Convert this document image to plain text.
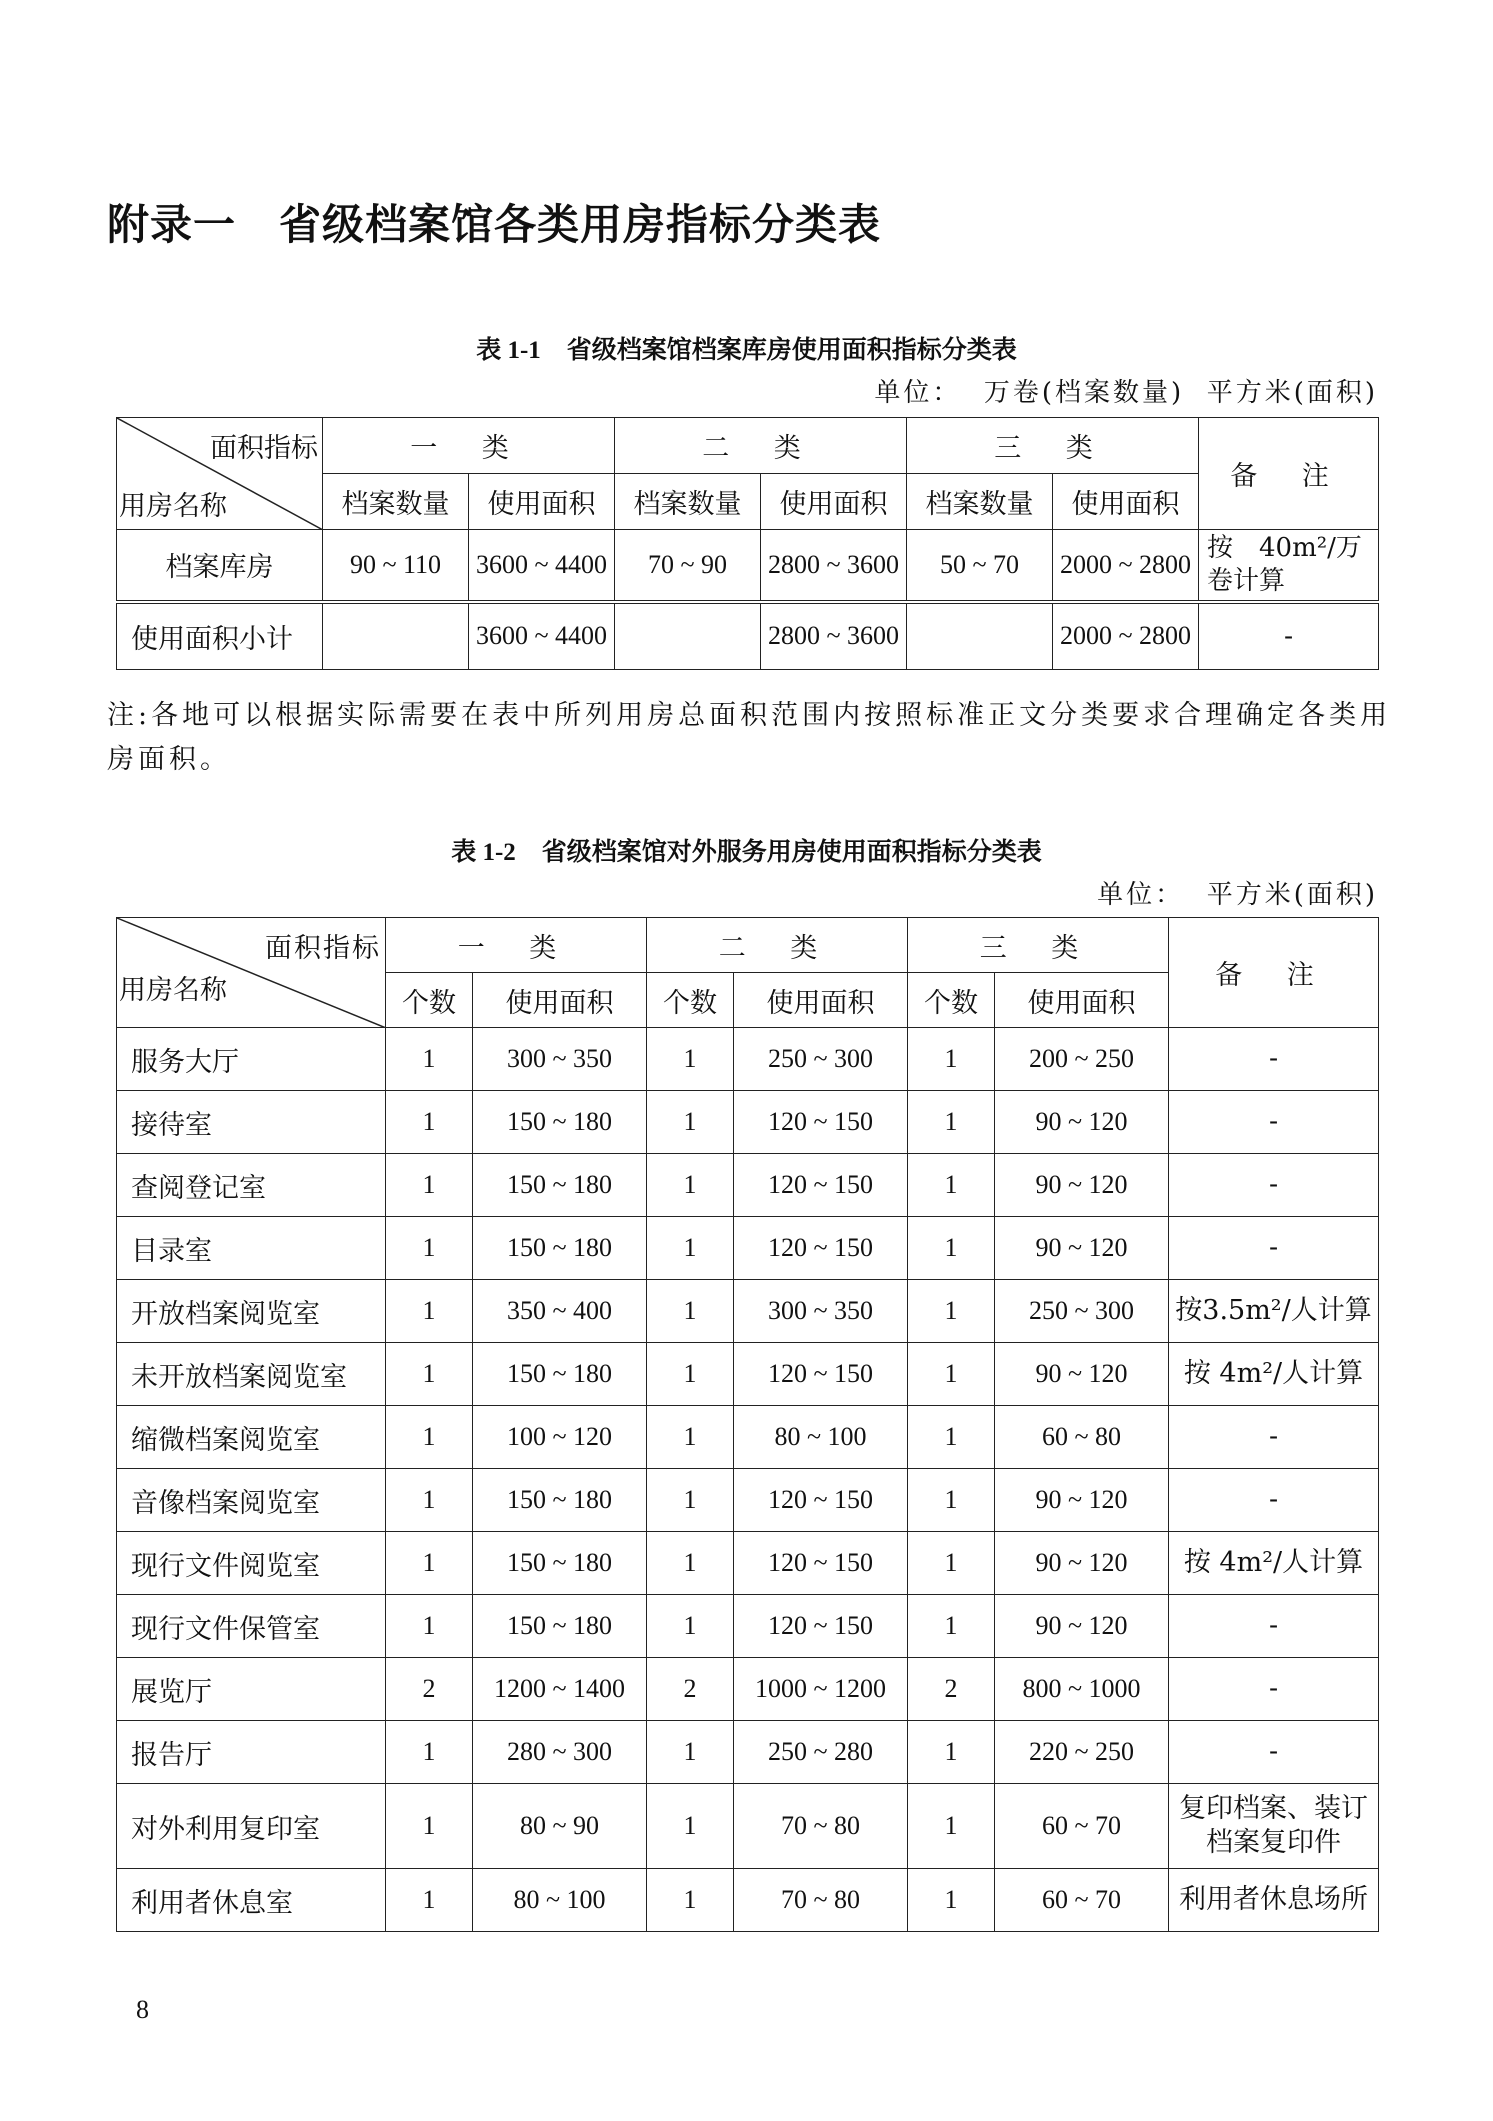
附录一　省级档案馆各类用房指标分类表
表 1-1 省级档案馆档案库房使用面积指标分类表
单位：  万卷(档案数量)  平方米(面积)
面积指标
用房名称	一 类		二 类		三 类		备 注
	档案数量	使用面积	档案数量	使用面积	档案数量	使用面积	
档案库房	90 ~ 110	3600 ~ 4400	70 ~ 90	2800 ~ 3600	50 ~ 70	2000 ~ 2800	按　40m²/万卷计算
使用面积小计		3600 ~ 4400		2800 ~ 3600		2000 ~ 2800	-
注:各地可以根据实际需要在表中所列用房总面积范围内按照标准正文分类要求合理确定各类用房面积。
表 1-2 省级档案馆对外服务用房使用面积指标分类表
单位：  平方米(面积)
面积指标
用房名称	一 类		二 类		三 类		备 注
	个数	使用面积	个数	使用面积	个数	使用面积	
服务大厅	1	300 ~ 350	1	250 ~ 300	1	200 ~ 250	-
接待室	1	150 ~ 180	1	120 ~ 150	1	90 ~ 120	-
查阅登记室	1	150 ~ 180	1	120 ~ 150	1	90 ~ 120	-
目录室	1	150 ~ 180	1	120 ~ 150	1	90 ~ 120	-
开放档案阅览室	1	350 ~ 400	1	300 ~ 350	1	250 ~ 300	按3.5m²/人计算
未开放档案阅览室	1	150 ~ 180	1	120 ~ 150	1	90 ~ 120	按 4m²/人计算
缩微档案阅览室	1	100 ~ 120	1	80 ~ 100	1	60 ~ 80	-
音像档案阅览室	1	150 ~ 180	1	120 ~ 150	1	90 ~ 120	-
现行文件阅览室	1	150 ~ 180	1	120 ~ 150	1	90 ~ 120	按 4m²/人计算
现行文件保管室	1	150 ~ 180	1	120 ~ 150	1	90 ~ 120	-
展览厅	2	1200 ~ 1400	2	1000 ~ 1200	2	800 ~ 1000	-
报告厅	1	280 ~ 300	1	250 ~ 280	1	220 ~ 250	-
对外利用复印室	1	80 ~ 90	1	70 ~ 80	1	60 ~ 70	复印档案、装订档案复印件
利用者休息室	1	80 ~ 100	1	70 ~ 80	1	60 ~ 70	利用者休息场所
8
